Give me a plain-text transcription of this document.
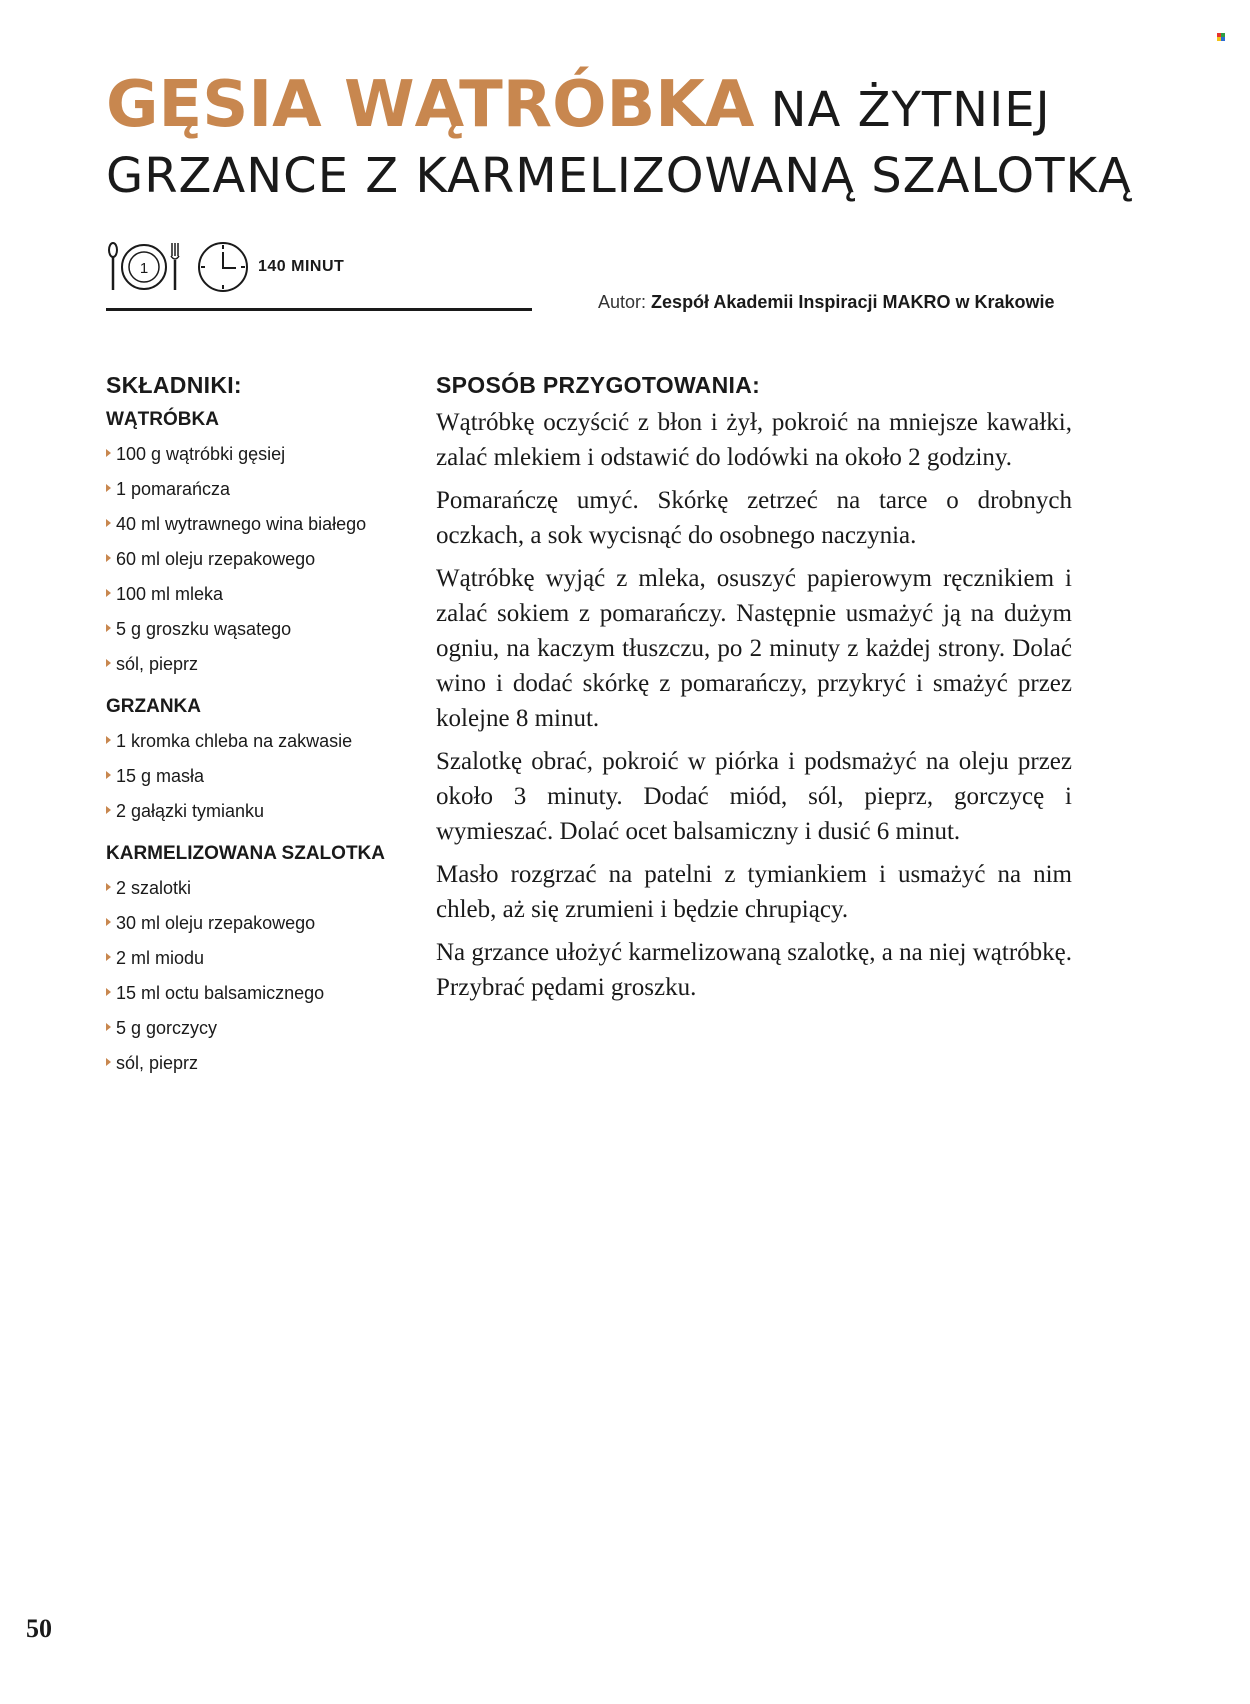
GĘSIA WĄTRÓBKA NA ŻYTNIEJ
GRZANCE Z KARMELIZOWANĄ SZALOTKĄ
1	140 MINUT
Autor: Zespół Akademii Inspiracji MAKRO w Krakowie
SKŁADNIKI:
WĄTRÓBKA
100 g wątróbki gęsiej
1 pomarańcza
40 ml wytrawnego wina białego
60 ml oleju rzepakowego
100 ml mleka
5 g groszku wąsatego
sól, pieprz
GRZANKA
1 kromka chleba na zakwasie
15 g masła
2 gałązki tymianku
KARMELIZOWANA SZALOTKA
2 szalotki
30 ml oleju rzepakowego
2 ml miodu
15 ml octu balsamicznego
5 g gorczycy
sól, pieprz
SPOSÓB PRZYGOTOWANIA:

Wątróbkę oczyścić z błon i żył, pokroić na mniejsze kawałki, zalać mlekiem i odstawić do lodówki na około 2 godziny.

Pomarańczę umyć. Skórkę zetrzeć na tarce o drobnych oczkach, a sok wycisnąć do osobnego naczynia.

Wątróbkę wyjąć z mleka, osuszyć papierowym ręcznikiem i zalać sokiem z pomarańczy. Następnie usmażyć ją na dużym ogniu, na kaczym tłuszczu, po 2 minuty z każdej strony. Dolać wino i dodać skórkę z pomarańczy, przykryć i smażyć przez kolejne 8 minut.

Szalotkę obrać, pokroić w piórka i podsmażyć na oleju przez około 3 minuty. Dodać miód, sól, pieprz, gorczycę i wymieszać. Dolać ocet balsamiczny i dusić 6 minut.

Masło rozgrzać na patelni z tymiankiem i usmażyć na nim chleb, aż się zrumieni i będzie chrupiący.

Na grzance ułożyć karmelizowaną szalotkę, a na niej wątróbkę. Przybrać pędami groszku.

50
